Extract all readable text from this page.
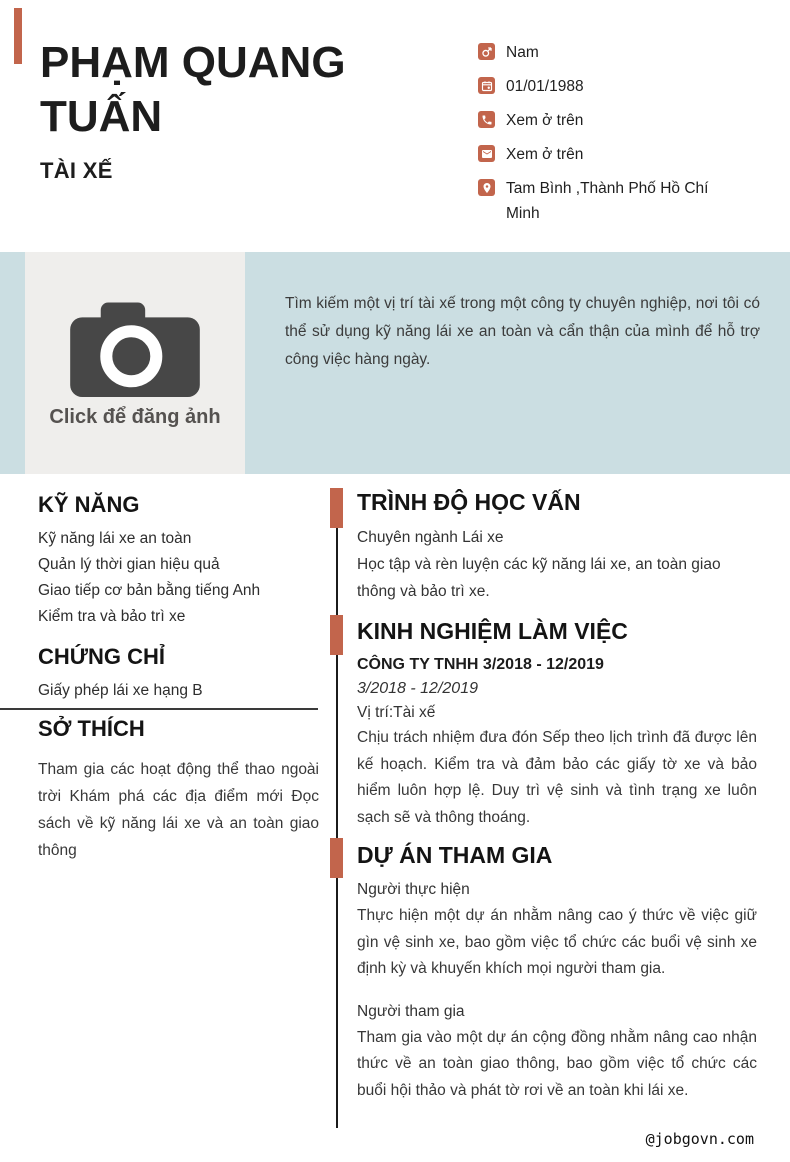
PHẠM QUANG TUẤN
TÀI XẾ
Nam
01/01/1988
Xem ở trên
Xem ở trên
Tam Bình ,Thành Phố Hồ Chí Minh
Click để đăng ảnh

Tìm kiếm một vị trí tài xế trong một công ty chuyên nghiệp, nơi tôi có thể sử dụng kỹ năng lái xe an toàn và cẩn thận của mình để hỗ trợ công việc hàng ngày.

KỸ NĂNG
Kỹ năng lái xe an toàn
Quản lý thời gian hiệu quả
Giao tiếp cơ bản bằng tiếng Anh
Kiểm tra và bảo trì xe
CHỨNG CHỈ
Giấy phép lái xe hạng B
SỞ THÍCH

Tham gia các hoạt động thể thao ngoài trời Khám phá các địa điểm mới Đọc sách về kỹ năng lái xe và an toàn giao thông

TRÌNH ĐỘ HỌC VẤN
Chuyên ngành Lái xe
Học tập và rèn luyện các kỹ năng lái xe, an toàn giao thông và bảo trì xe.
KINH NGHIỆM LÀM VIỆC
CÔNG TY TNHH 3/2018 - 12/2019
3/2018 - 12/2019
Vị trí:Tài xế

Chịu trách nhiệm đưa đón Sếp theo lịch trình đã được lên kế hoạch. Kiểm tra và đảm bảo các giấy tờ xe và bảo hiểm luôn hợp lệ. Duy trì vệ sinh và tình trạng xe luôn sạch sẽ và thông thoáng.

DỰ ÁN THAM GIA
Người thực hiện

Thực hiện một dự án nhằm nâng cao ý thức về việc giữ gìn vệ sinh xe, bao gồm việc tổ chức các buổi vệ sinh xe định kỳ và khuyến khích mọi người tham gia.

Người tham gia

Tham gia vào một dự án cộng đồng nhằm nâng cao nhận thức về an toàn giao thông, bao gồm việc tổ chức các buổi hội thảo và phát tờ rơi về an toàn khi lái xe.

@jobgovn.com
